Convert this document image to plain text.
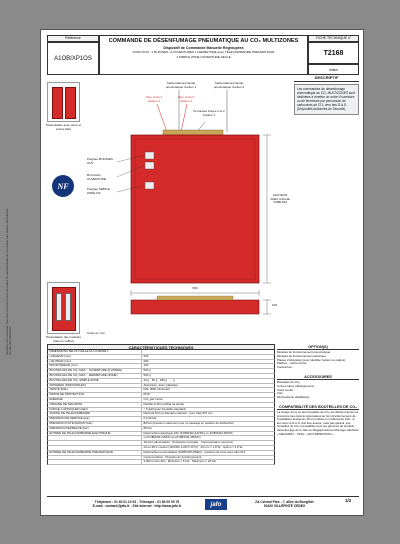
Document non contractuel. Nous nous réservons le droit de modifier les caractéristiques de nos produits sans préavis. Reproduction interdite sans autorisation.
Référence
A1OBIXP1OS
COMMANDE DE DÉSENFUMAGE PNEUMATIQUE AU CO₂ MULTIZONES
Dispositif de Commande Manuelle Regroupées
FONCTION : 1 Bi ZONES, 3 OUVERTURES 1 FERMETURE avec TÉLÉCOMMANDE PNEUMATIQUE
1 SIMPLE ZONE OUVERTURE SEULE
FICHE TECHNIQUE n°
T2168
Indice
Présentation avec porte et portes fado
Présentation des modules (dans le coffret)
NF
Sortie télécommande pneumatique Canton 1
Sortie télécommande pneumatique Canton 2
Ouv. zone 1 Canton 1
Ouv. zone 2 Canton 1
Fermeture Zones 1 et 2 Canton 1
Poignée BI ZONES OUV
Bi fonction OUVERTURE
Poignée SIMPLE ZONE OS
HAUTEUR AVEC CACHE TUBE 600
500
100
Cotes en mm
DESCRIPTIF
Les commandes de désenfumage pneumatique au CO₂ MULTIZONES sont destinées à émettre un ordre d'ouverture ou de fermeture par percussion de cartouches de CO₂ vers des D.A.S. (Dispositifs Actionnés de Sécurité).
CARACTÉRISTIQUES TECHNIQUES
DIMENSIONS SELON TAILLE DU COFFRET
LARGEUR (mm)	500
HAUTEUR (mm)	600
PROFONDEUR (mm)	100
BOUTEILLES DE CO₂ MAX. : OUVERTURE (6 ZONES)	500 g
BOUTEILLES DE CO₂ MAX. : FERMETURE (ZONE)	500 g
BOUTEILLES DE CO₂ SIMPLE ZONE	42 g · 60 g · 180 g · ... g
MATIÈRES (PRINCIPALES)	Aluminium, acier, plastique
TEINTE (RAL)	RAL 3000 (tinctoriel)
INDICE DE PROTECTION	IP40
ENERGIE	CO₂ gaz inerte
ORGANE DE SÉCURITÉ	Pastille et bris (coffret de poste)
FORCE À APPLIQUER (daN)	< 5 daN (pour bouteille standard)
SORTIE DE TÉLÉCOMMANDE	Raccord 6x4 ou diamètre intérieur : pour tube Ø 6 mm
PRESSION DE SERVICE (bar)	6 à 20 bar
PRESSION D'UTILISATION (bar)	80 bar (pression maximum pour un passage en position du déclenché)
PRESSION D'ÉPREUVE (bar)	80 bar
ENTRÉE DE TÉLÉCOMMANDE ÉLECTRIQUE	Déclencheur électrique 24V (KOBIXAR-24VDC) ou KOBIXAR-48VDC
ou KOBIXAR-24VDC (ou KOBIXAR-48VDC)
Tension alimentation · Puissance nominale · Consommation moyenne
24 ou 48 V continu (110VDC à 20°C ±0°C) · 24 mm = 1,8 W · optimo = 1,8 W
ENTRÉE DE TÉLÉCOMMANDE PNEUMATIQUE	Déclencheur pneumatique (KOBIXOP-PNEU) : pression de zone avec tube Ø 6
Consommation · Pression de fonctionnement
3,000 normo-litre · Minimum = 6 bar · Maximum = 20 bar
OPTION(S)
Modules de fonctionnement pneumatique.
Modules de fonctionnement électrique.
Plaque d'obturation (pour identifier l'action ou paliers).
Platines - cache fumée.
Cartouches.
ACCESSOIRES
Bouteilles de CO₂
Cornes tubes (rallongement),
Carré soudé,
Clef,
Mercredonne détaillée(s).
COMPATIBILITÉ DES BOUTEILLES DE CO₂
La charge de la ou des bouteilles de CO₂ est définie d'après les pressions des canons nécessaires au bon fonctionnement de l'installation desservie. Pour produits non référencés Jafo : le lien avec le D.A.S. doit être assuré, mais pas garanti. Les bouteilles de CO₂ compatibles avec les gammes de produits désenfumage de la Jafo en Mégaproduit par Montage Gâchette « NEGAMOV - VRILL - ANTI-RETENTION ».
Téléphone : 01 60 01 10 92 - Télécopie : 01 60 00 00 79
E-mail : contact@jafo.fr - Site Internet : http://www.jafo.fr	jafo	ZA Central Parc - 7, allée du Bongiller
92420 VILLEPINTE CEDEX
1/2
